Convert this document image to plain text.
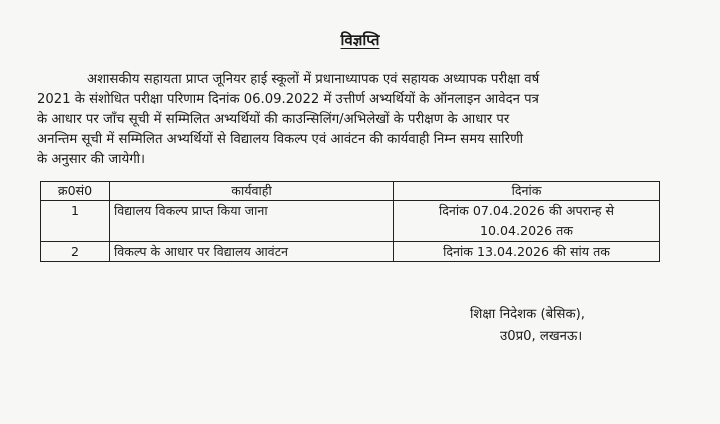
विज्ञप्ति
अशासकीय सहायता प्राप्त जूनियर हाई स्कूलों में प्रधानाध्यापक एवं सहायक अध्यापक परीक्षा वर्ष
2021 के संशोधित परीक्षा परिणाम दिनांक 06.09.2022 में उत्तीर्ण अभ्यर्थियों के ऑनलाइन आवेदन पत्र
के आधार पर जाँच सूची में सम्मिलित अभ्यर्थियों की काउन्सिलिंग/अभिलेखों के परीक्षण के आधार पर
अनन्तिम सूची में सम्मिलित अभ्यर्थियों से विद्यालय विकल्प एवं आवंटन की कार्यवाही निम्न समय सारिणी
के अनुसार की जायेगी।
क्र0सं0	कार्यवाही	दिनांक
1	विद्यालय विकल्प प्राप्त किया जाना	दिनांक 07.04.2026 की अपरान्ह से
10.04.2026 तक

2	विकल्प के आधार पर विद्यालय आवंटन	दिनांक 13.04.2026 की सांय तक
शिक्षा निदेशक (बेसिक),
उ0प्र0, लखनऊ।
